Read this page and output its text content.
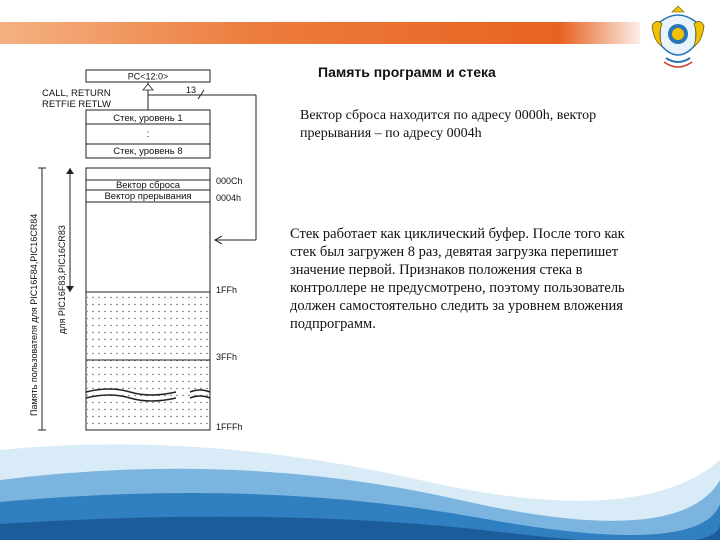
Память программ и стека
Вектор сброса находится по адресу 0000h, вектор прерывания – по адресу 0004h
Стек работает как циклический буфер. После того как стек был загружен 8 раз, девятая загрузка перепишет значение первой. Признаков положения стека в контроллере не предусмотрено, поэтому пользователь должен самостоятельно следить за уровнем вложения подпрограмм.
PC<12:0>
CALL, RETURN
RETFIE RETLW
13
Стек, уровень 1
:
Стек, уровень 8
Вектор сброса
Вектор прерывания
000Ch
0004h
1FFh
3FFh
1FFFh
Память пользователя для PIC16F84,PIC16CR84 для PIC16F83,PIC16CR83
